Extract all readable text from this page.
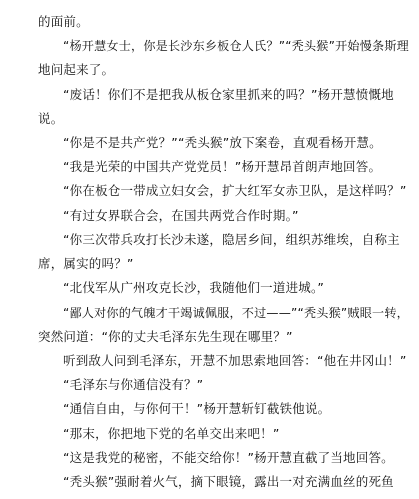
的面前。
“杨开慧女士，你是长沙东乡板仓人氏？”“秃头猴”开始慢条斯理
地问起来了。
“废话！你们不是把我从板仓家里抓来的吗？”杨开慧愤慨地
说。
“你是不是共产党？”“秃头猴”放下案卷，直观看杨开慧。
“我是光荣的中国共产党党员！”杨开慧昂首朗声地回答。
“你在板仓一带成立妇女会，扩大红军女赤卫队，是这样吗？”
“有过女界联合会，在国共两党合作时期。”
“你三次带兵攻打长沙未遂，隐居乡间，组织苏维埃，自称主
席，属实的吗？”
“北伐军从广州攻克长沙，我随他们一道进城。”
“鄙人对你的气魄才干竭诚佩服，不过——”“秃头猴”贼眼一转，
突然问道：“你的丈夫毛泽东先生现在哪里？”
听到敌人问到毛泽东，开慧不加思索地回答：“他在井冈山！”
“毛泽东与你通信没有？”
“通信自由，与你何干！”杨开慧斩钉截铁他说。
“那末，你把地下党的名单交出来吧！”
“这是我党的秘密，不能交给你！”杨开慧直截了当地回答。
“秃头猴”强耐着火气，摘下眼镜，露出一对充满血丝的死鱼
